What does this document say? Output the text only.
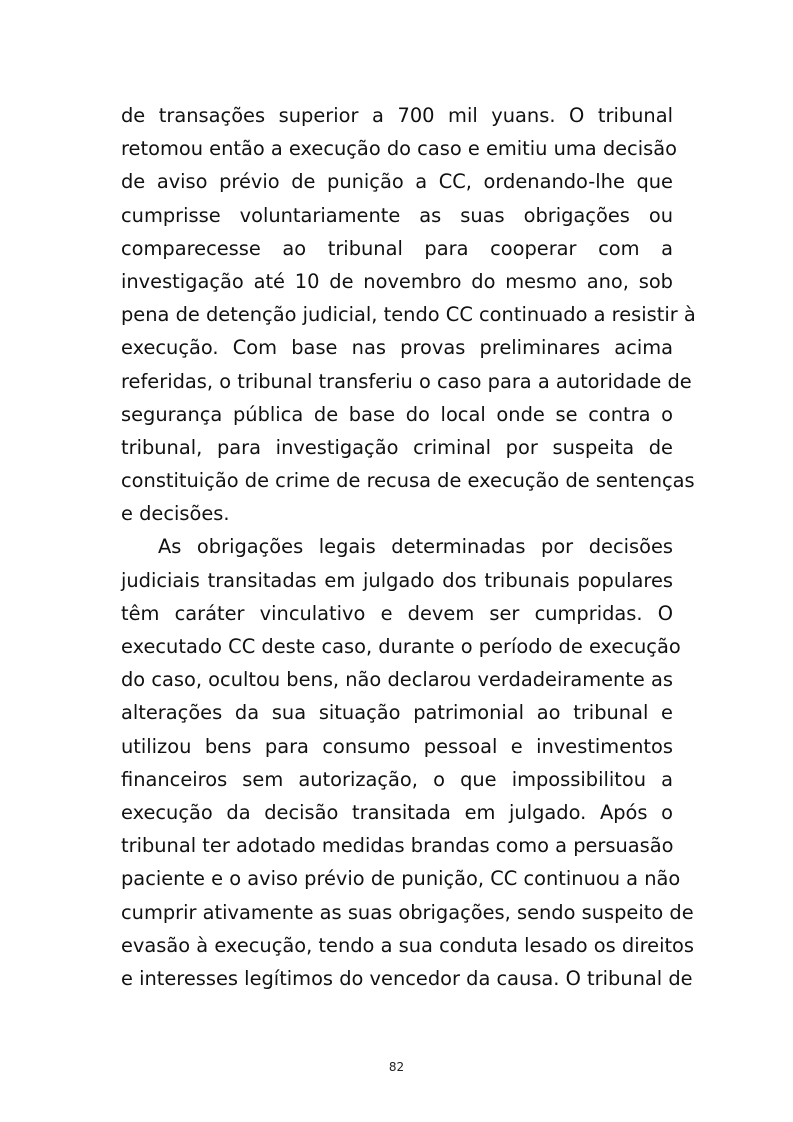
de transações superior a 700 mil yuans. O tribunal
retomou então a execução do caso e emitiu uma decisão
de aviso prévio de punição a CC, ordenando-lhe que
cumprisse voluntariamente as suas obrigações ou
comparecesse ao tribunal para cooperar com a
investigação até 10 de novembro do mesmo ano, sob
pena de detenção judicial, tendo CC continuado a resistir à
execução. Com base nas provas preliminares acima
referidas, o tribunal transferiu o caso para a autoridade de
segurança pública de base do local onde se contra o
tribunal, para investigação criminal por suspeita de
constituição de crime de recusa de execução de sentenças
e decisões.
As obrigações legais determinadas por decisões
judiciais transitadas em julgado dos tribunais populares
têm caráter vinculativo e devem ser cumpridas. O
executado CC deste caso, durante o período de execução
do caso, ocultou bens, não declarou verdadeiramente as
alterações da sua situação patrimonial ao tribunal e
utilizou bens para consumo pessoal e investimentos
financeiros sem autorização, o que impossibilitou a
execução da decisão transitada em julgado. Após o
tribunal ter adotado medidas brandas como a persuasão
paciente e o aviso prévio de punição, CC continuou a não
cumprir ativamente as suas obrigações, sendo suspeito de
evasão à execução, tendo a sua conduta lesado os direitos
e interesses legítimos do vencedor da causa. O tribunal de
82
